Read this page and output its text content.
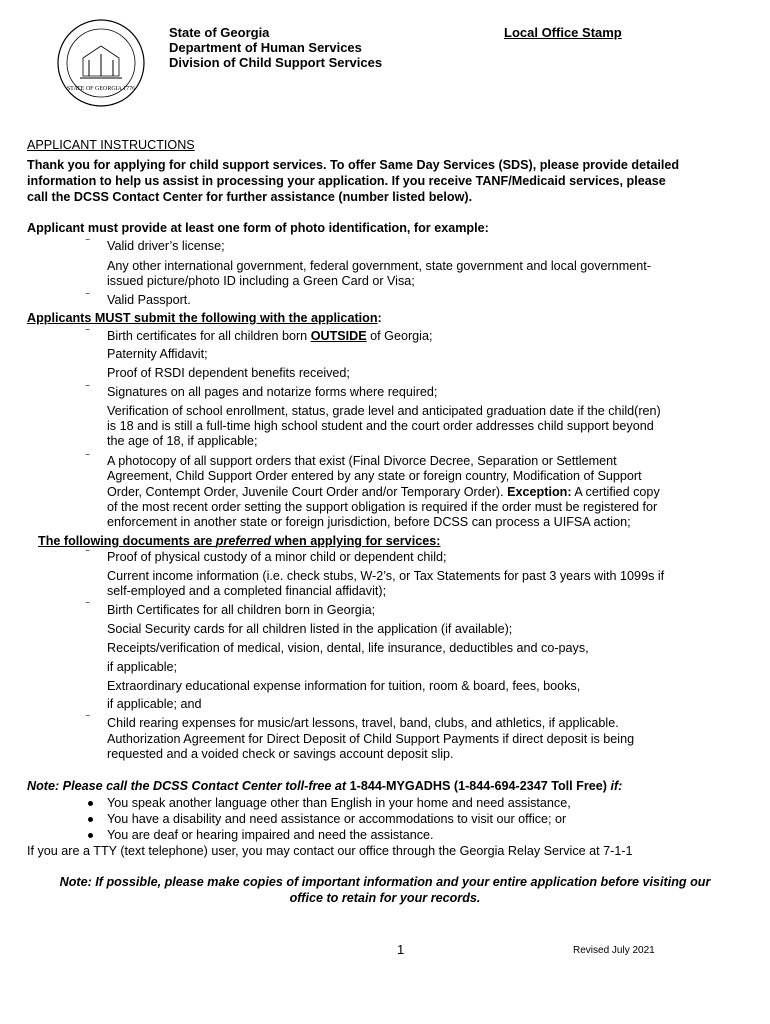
STATE OF GEORGIA 1776
State of Georgia
Department of Human Services
Division of Child Support Services
Local Office Stamp
APPLICANT INSTRUCTIONS
Thank you for applying for child support services. To offer Same Day Services (SDS), please provide detailed
information to help us assist in processing your application. If you receive TANF/Medicaid services, please
call the DCSS Contact Center for further assistance (number listed below).
Applicant must provide at least one form of photo identification, for example:
‾ Valid driver’s license;
Any other international government, federal government, state government and local government-
issued picture/photo ID including a Green Card or Visa;
‾ Valid Passport.
Applicants MUST submit the following with the application:
‾ Birth certificates for all children born OUTSIDE of Georgia;
Paternity Affidavit;
Proof of RSDI dependent benefits received;
‾ Signatures on all pages and notarize forms where required;
Verification of school enrollment, status, grade level and anticipated graduation date if the child(ren)
is 18 and is still a full-time high school student and the court order addresses child support beyond
the age of 18, if applicable;
‾ A photocopy of all support orders that exist (Final Divorce Decree, Separation or Settlement
Agreement, Child Support Order entered by any state or foreign country, Modification of Support
Order, Contempt Order, Juvenile Court Order and/or Temporary Order). Exception: A certified copy
of the most recent order setting the support obligation is required if the order must be registered for
enforcement in another state or foreign jurisdiction, before DCSS can process a UIFSA action;
The following documents are preferred when applying for services:
‾ Proof of physical custody of a minor child or dependent child;
Current income information (i.e. check stubs, W-2’s, or Tax Statements for past 3 years with 1099s if
self-employed and a completed financial affidavit);
‾ Birth Certificates for all children born in Georgia;
Social Security cards for all children listed in the application (if available);
Receipts/verification of medical, vision, dental, life insurance, deductibles and co-pays,
if applicable;
Extraordinary educational expense information for tuition, room & board, fees, books,
if applicable; and
‾ Child rearing expenses for music/art lessons, travel, band, clubs, and athletics, if applicable.
Authorization Agreement for Direct Deposit of Child Support Payments if direct deposit is being
requested and a voided check or savings account deposit slip.
Note: Please call the DCSS Contact Center toll-free at 1-844-MYGADHS (1-844-694-2347 Toll Free) if:
You speak another language other than English in your home and need assistance,
You have a disability and need assistance or accommodations to visit our office; or
You are deaf or hearing impaired and need the assistance.
If you are a TTY (text telephone) user, you may contact our office through the Georgia Relay Service at 7-1-1
Note: If possible, please make copies of important information and your entire application before visiting our
office to retain for your records.
1	Revised July 2021
